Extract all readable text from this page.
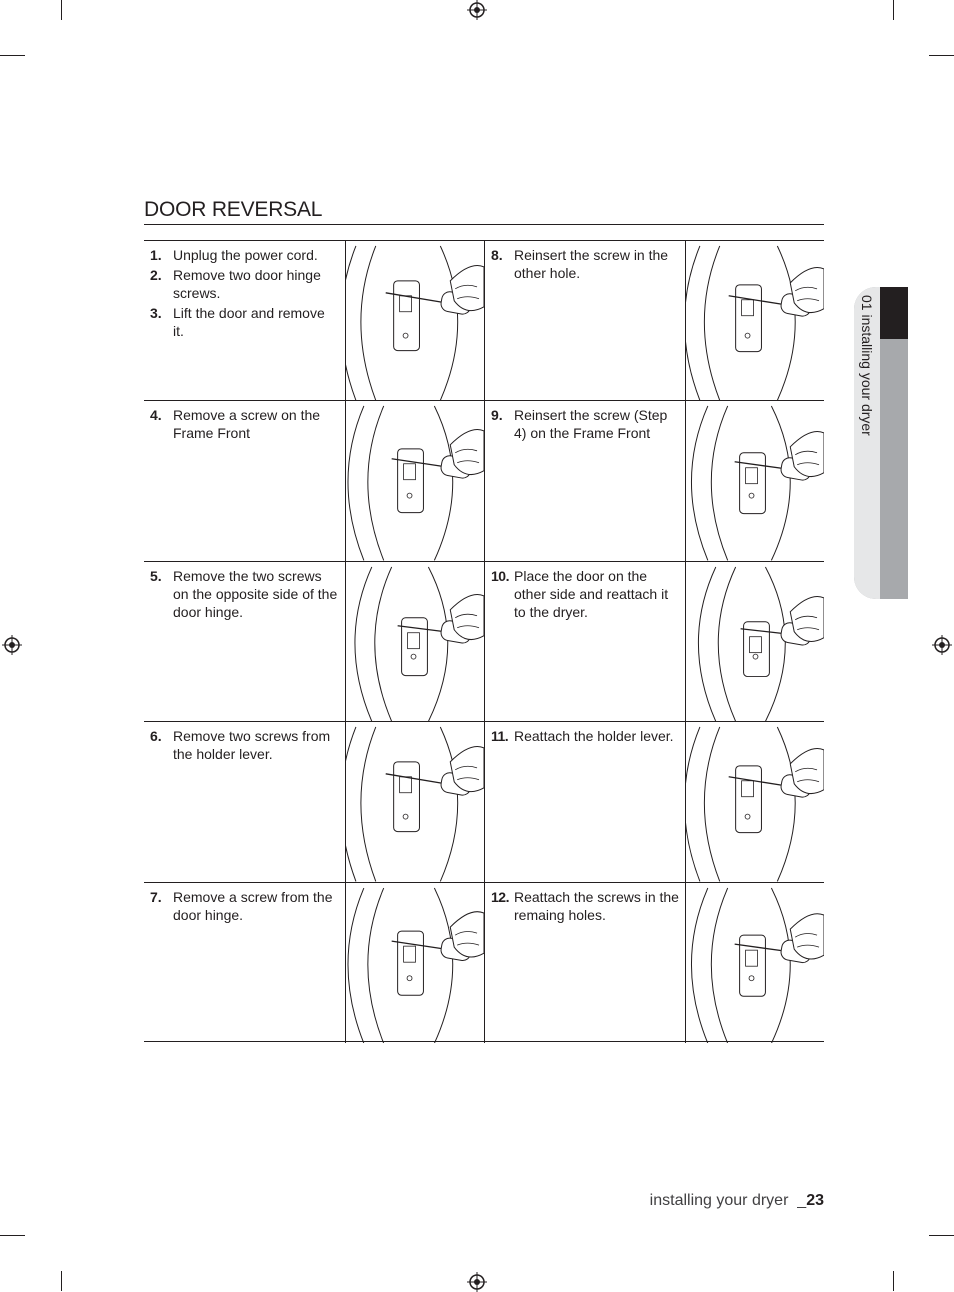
01 installing your dryer
DOOR REVERSAL
1. Unplug the power cord.
2. Remove two door hinge screws.
3. Lift the door and remove it.
8. Reinsert the screw in the other hole.
4. Remove a screw on the Frame Front
9. Reinsert the screw (Step 4) on the Frame Front
5. Remove the two screws on the opposite side of the door hinge.
10. Place the door on the other side and reattach it to the dryer.
6. Remove two screws from the holder lever.
11. Reattach the holder lever.
7. Remove a screw from the door hinge.
12. Reattach the screws in the remaing holes.
installing your dryer _23
